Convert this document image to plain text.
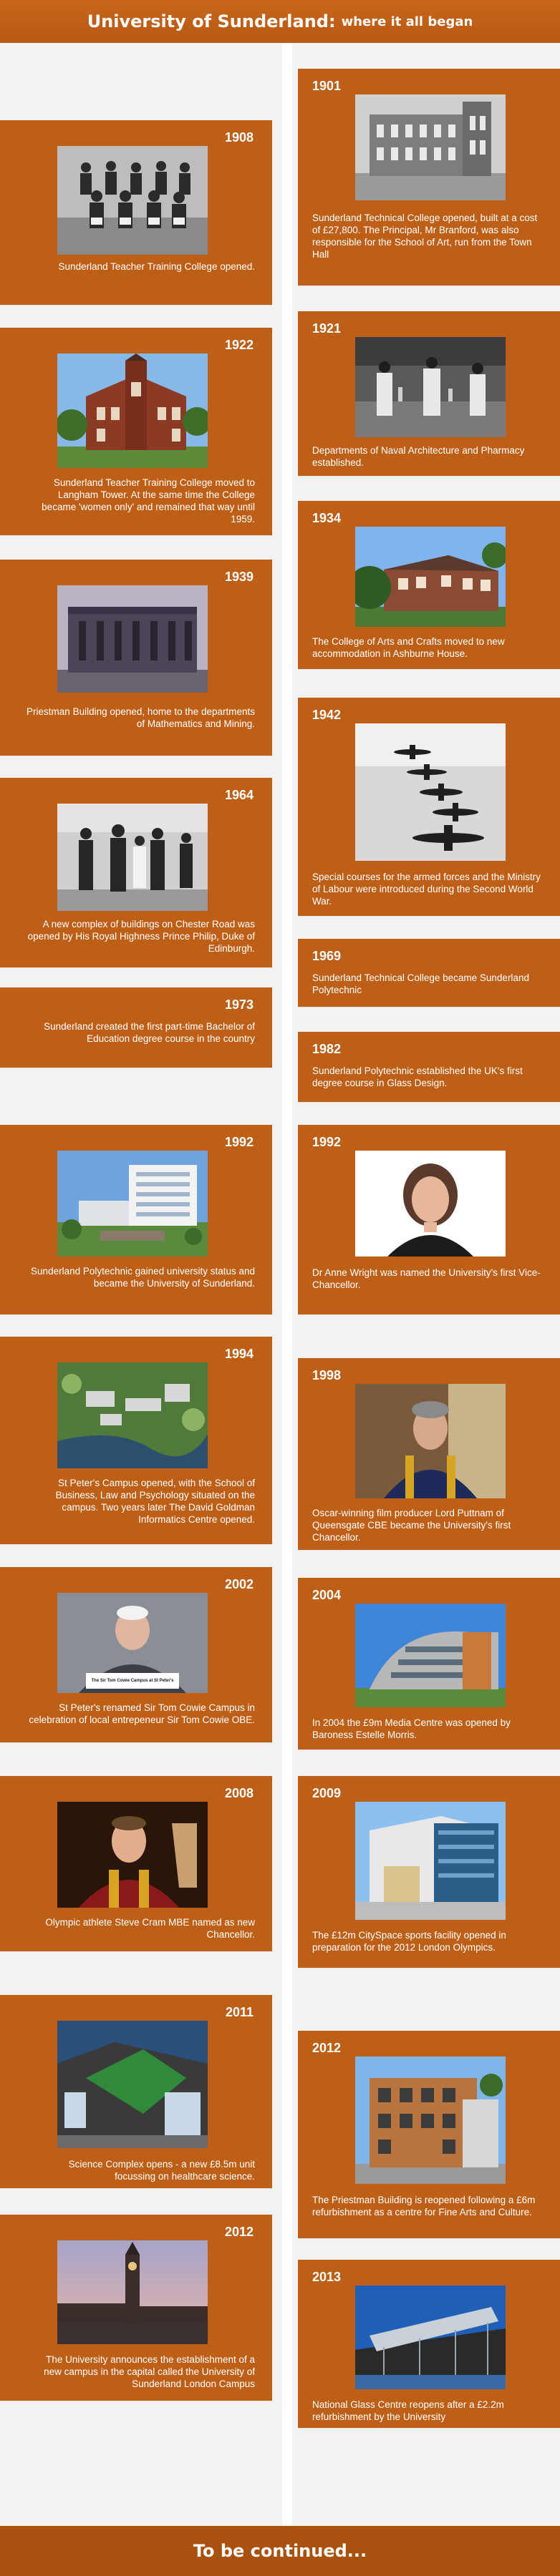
University of Sunderland: where it all began
1901
Sunderland Technical College opened, built at a cost of £27,800. The Principal, Mr Branford, was also responsible for the School of Art, run from the Town Hall
1908
Sunderland Teacher Training College opened.
1921
Departments of Naval Architecture and Pharmacy established.
1922
Sunderland Teacher Training College moved to Langham Tower. At the same time the College became 'women only' and remained that way until 1959.	1934
The College of Arts and Crafts moved to new accommodation in Ashburne House.
1939
Priestman Building opened, home to the departments of Mathematics and Mining.
1942
Special courses for the armed forces and the Ministry of Labour were introduced during the Second World War.
1964
A new complex of buildings on Chester Road was opened by His Royal Highness Prince Philip, Duke of Edinburgh.
1969
Sunderland Technical College became Sunderland Polytechnic
1973
Sunderland created the first part-time Bachelor of Education degree course in the country
1982
Sunderland Polytechnic established the UK's first degree course in Glass Design.
1992
Sunderland Polytechnic gained university status and became the University of Sunderland.
1992
Dr Anne Wright was named the University's first Vice-Chancellor.
1994
St Peter's Campus opened, with the School of Business, Law and Psychology situated on the campus. Two years later The David Goldman Informatics Centre opened.
1998
Oscar-winning film producer Lord Puttnam of Queensgate CBE became the University's first Chancellor.
2002
The Sir Tom Cowie Campus at St Peter's
St Peter's renamed Sir Tom Cowie Campus in celebration of local entrepeneur Sir Tom Cowie OBE.
2004
In 2004 the £9m Media Centre was opened by Baroness Estelle Morris.
2008
Olympic athlete Steve Cram MBE named as new Chancellor.
2009
The £12m CitySpace sports facility opened in preparation for the 2012 London Olympics.
2011
Science Complex opens - a new £8.5m unit focussing on healthcare science.
2012
The Priestman Building is reopened following a £6m refurbishment as a centre for Fine Arts and Culture.
2012
The University announces the establishment of a new campus in the capital called the University of Sunderland London Campus
2013
National Glass Centre reopens after a £2.2m refurbishment by the University
To be continued...
